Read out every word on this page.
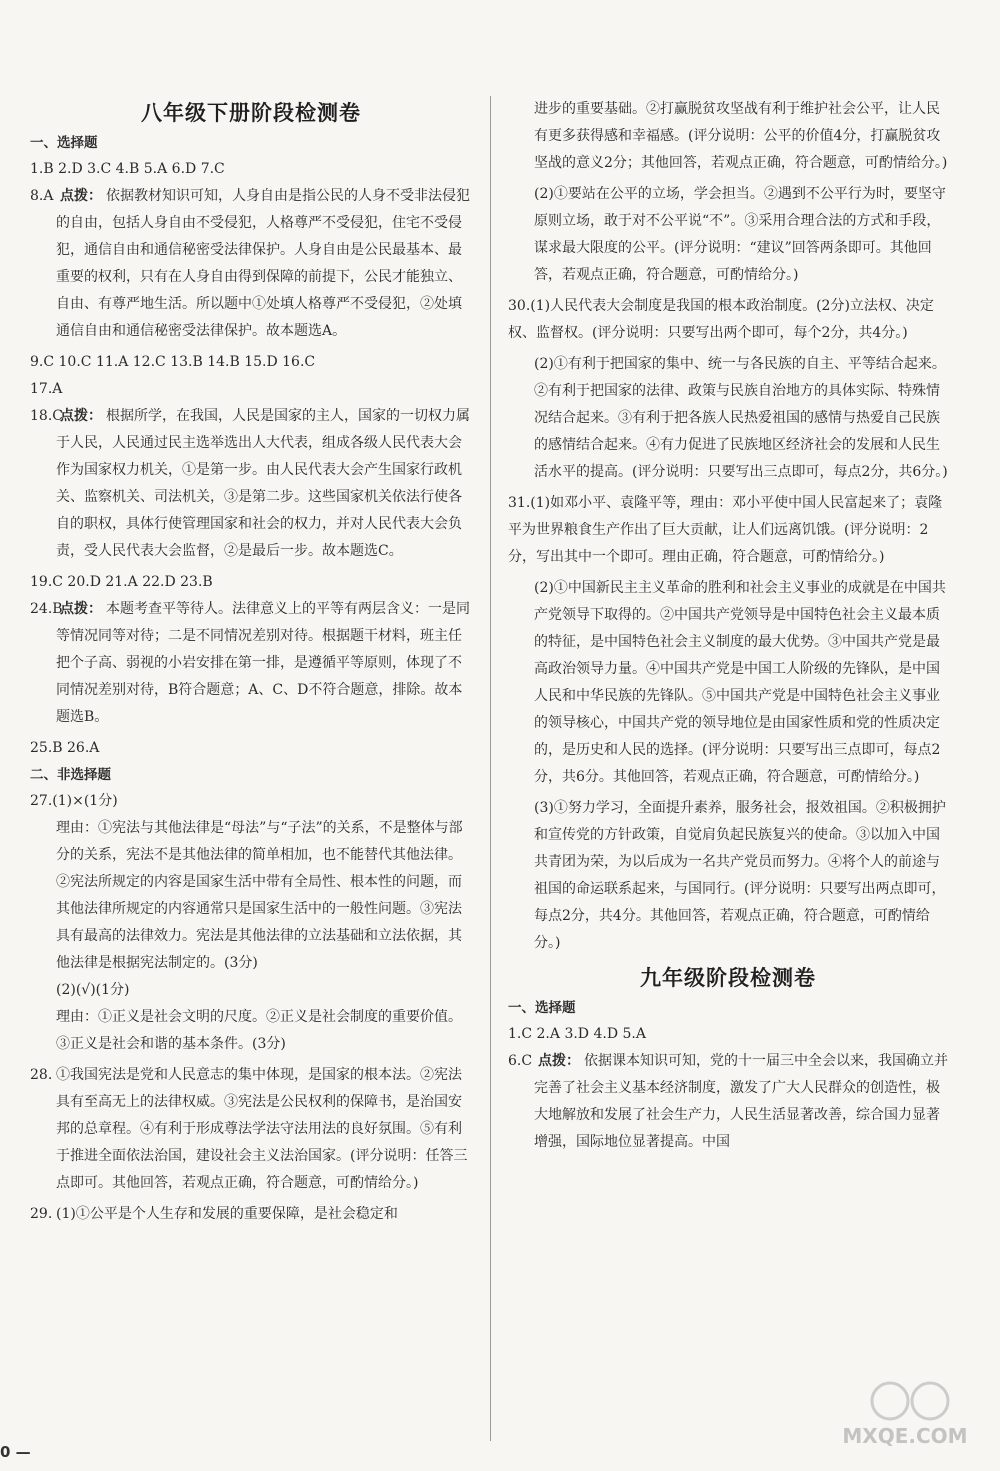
八年级下册阶段检测卷
一、选择题
1.B 2.D 3.C 4.B 5.A 6.D 7.C
8.A 点拨： 依据教材知识可知，人身自由是指公民的人身不受非法侵犯的自由，包括人身自由不受侵犯，人格尊严不受侵犯，住宅不受侵犯，通信自由和通信秘密受法律保护。人身自由是公民最基本、最重要的权利，只有在人身自由得到保障的前提下，公民才能独立、自由、有尊严地生活。所以题中①处填人格尊严不受侵犯，②处填通信自由和通信秘密受法律保护。故本题选A。
9.C 10.C 11.A 12.C 13.B 14.B 15.D 16.C
17.A
18.C点拨： 根据所学，在我国，人民是国家的主人，国家的一切权力属于人民，人民通过民主选举选出人大代表，组成各级人民代表大会作为国家权力机关，①是第一步。由人民代表大会产生国家行政机关、监察机关、司法机关，③是第二步。这些国家机关依法行使各自的职权，具体行使管理国家和社会的权力，并对人民代表大会负责，受人民代表大会监督，②是最后一步。故本题选C。
19.C 20.D 21.A 22.D 23.B
24.B点拨： 本题考查平等待人。法律意义上的平等有两层含义：一是同等情况同等对待；二是不同情况差别对待。根据题干材料，班主任把个子高、弱视的小岩安排在第一排，是遵循平等原则，体现了不同情况差别对待，B符合题意；A、C、D不符合题意，排除。故本题选B。
25.B 26.A
二、非选择题
27.(1)×(1分)
理由：①宪法与其他法律是“母法”与“子法”的关系，不是整体与部分的关系，宪法不是其他法律的简单相加，也不能替代其他法律。②宪法所规定的内容是国家生活中带有全局性、根本性的问题，而其他法律所规定的内容通常只是国家生活中的一般性问题。③宪法具有最高的法律效力。宪法是其他法律的立法基础和立法依据，其他法律是根据宪法制定的。(3分)
(2)(√)(1分)
理由：①正义是社会文明的尺度。②正义是社会制度的重要价值。③正义是社会和谐的基本条件。(3分)
28. ①我国宪法是党和人民意志的集中体现，是国家的根本法。②宪法具有至高无上的法律权威。③宪法是公民权利的保障书，是治国安邦的总章程。④有利于形成尊法学法守法用法的良好氛围。⑤有利于推进全面依法治国，建设社会主义法治国家。(评分说明：任答三点即可。其他回答，若观点正确，符合题意，可酌情给分。)
29. (1)①公平是个人生存和发展的重要保障，是社会稳定和
进步的重要基础。②打赢脱贫攻坚战有利于维护社会公平，让人民有更多获得感和幸福感。(评分说明：公平的价值4分，打赢脱贫攻坚战的意义2分；其他回答，若观点正确，符合题意，可酌情给分。)
(2)①要站在公平的立场，学会担当。②遇到不公平行为时，要坚守原则立场，敢于对不公平说“不”。③采用合理合法的方式和手段，谋求最大限度的公平。(评分说明：“建议”回答两条即可。其他回答，若观点正确，符合题意，可酌情给分。)
30.(1)人民代表大会制度是我国的根本政治制度。(2分)立法权、决定权、监督权。(评分说明：只要写出两个即可，每个2分，共4分。)
(2)①有利于把国家的集中、统一与各民族的自主、平等结合起来。②有利于把国家的法律、政策与民族自治地方的具体实际、特殊情况结合起来。③有利于把各族人民热爱祖国的感情与热爱自己民族的感情结合起来。④有力促进了民族地区经济社会的发展和人民生活水平的提高。(评分说明：只要写出三点即可，每点2分，共6分。)
31.(1)如邓小平、袁隆平等，理由：邓小平使中国人民富起来了；袁隆平为世界粮食生产作出了巨大贡献，让人们远离饥饿。(评分说明：2分，写出其中一个即可。理由正确，符合题意，可酌情给分。)
(2)①中国新民主主义革命的胜利和社会主义事业的成就是在中国共产党领导下取得的。②中国共产党领导是中国特色社会主义最本质的特征，是中国特色社会主义制度的最大优势。③中国共产党是最高政治领导力量。④中国共产党是中国工人阶级的先锋队，是中国人民和中华民族的先锋队。⑤中国共产党是中国特色社会主义事业的领导核心，中国共产党的领导地位是由国家性质和党的性质决定的，是历史和人民的选择。(评分说明：只要写出三点即可，每点2分，共6分。其他回答，若观点正确，符合题意，可酌情给分。)
(3)①努力学习，全面提升素养，服务社会，报效祖国。②积极拥护和宣传党的方针政策，自觉肩负起民族复兴的使命。③以加入中国共青团为荣，为以后成为一名共产党员而努力。④将个人的前途与祖国的命运联系起来，与国同行。(评分说明：只要写出两点即可，每点2分，共4分。其他回答，若观点正确，符合题意，可酌情给分。)
九年级阶段检测卷
一、选择题
1.C 2.A 3.D 4.D 5.A
6.C 点拨： 依据课本知识可知，党的十一届三中全会以来，我国确立并完善了社会主义基本经济制度，激发了广大人民群众的创造性，极大地解放和发展了社会生产力，人民生活显著改善，综合国力显著增强，国际地位显著提高。中国
0 —
MXQE.COM
